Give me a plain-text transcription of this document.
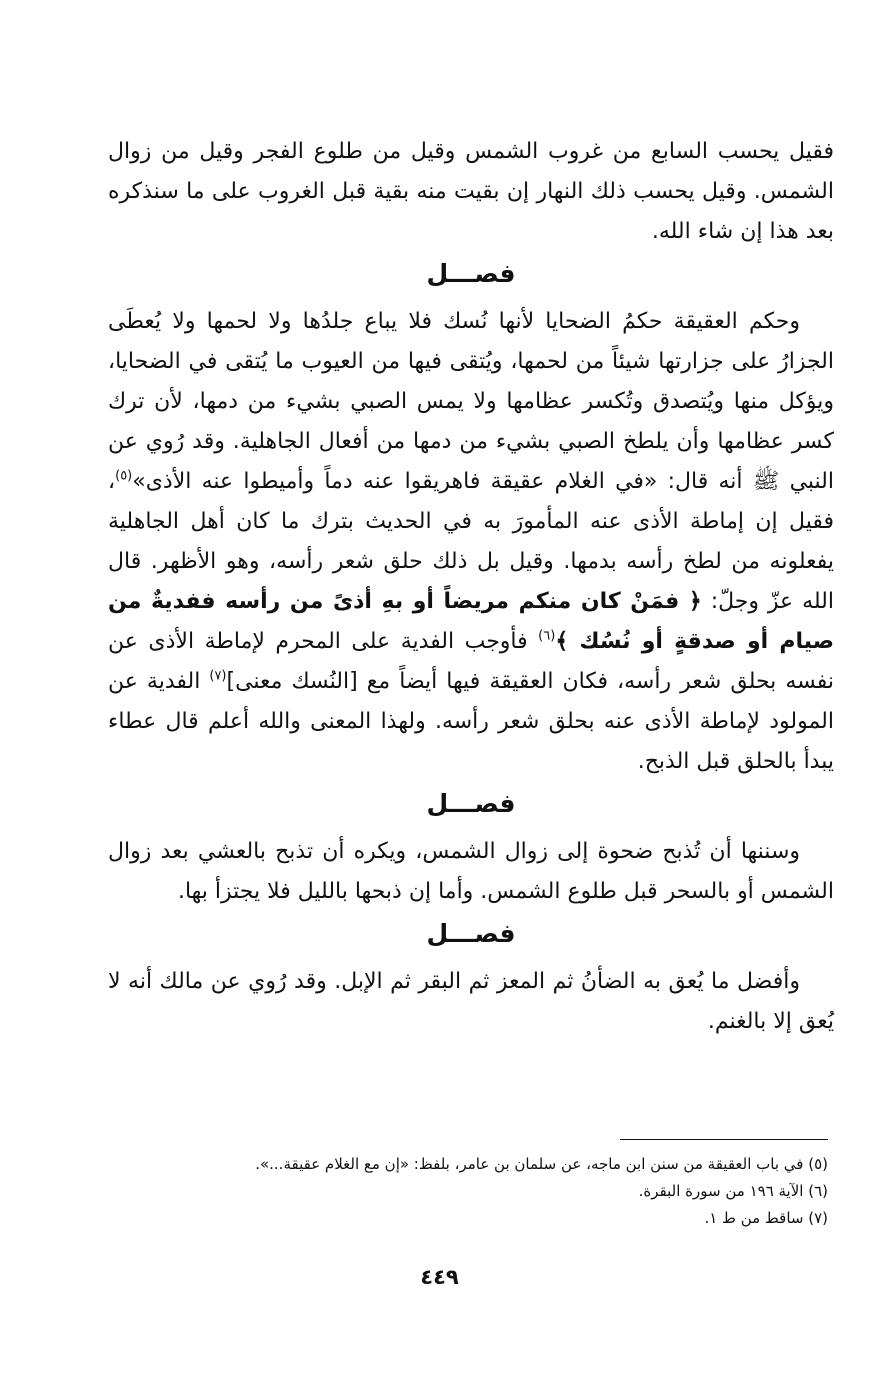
فقيل يحسب السابع من غروب الشمس وقيل من طلوع الفجر وقيل من زوال الشمس. وقيل يحسب ذلك النهار إن بقيت منه بقية قبل الغروب على ما سنذكره بعد هذا إن شاء الله.

فصـــل

وحكم العقيقة حكمُ الضحايا لأنها نُسك فلا يباع جلدُها ولا لحمها ولا يُعطَى الجزارُ على جزارتها شيئاً من لحمها، ويُتقى فيها من العيوب ما يُتقى في الضحايا، ويؤكل منها ويُتصدق وتُكسر عظامها ولا يمس الصبي بشيء من دمها، لأن ترك كسر عظامها وأن يلطخ الصبي بشيء من دمها من أفعال الجاهلية. وقد رُوي عن النبي ﷺ أنه قال: «في الغلام عقيقة فاهريقوا عنه دماً وأميطوا عنه الأذى»$^{(٥)}$، فقيل إن إماطة الأذى عنه المأمورَ به في الحديث بترك ما كان أهل الجاهلية يفعلونه من لطخ رأسه بدمها. وقيل بل ذلك حلق شعر رأسه، وهو الأظهر. قال الله عزّ وجلّ: ﴿ فمَنْ كان منكم مريضاً أو بهِ أذىً من رأسه ففديةٌ من صيام أو صدقةٍ أو نُسُك ﴾$^{(٦)}$ فأوجب الفدية على المحرم لإماطة الأذى عن نفسه بحلق شعر رأسه، فكان العقيقة فيها أيضاً مع [النُسك معنى]$^{(٧)}$ الفدية عن المولود لإماطة الأذى عنه بحلق شعر رأسه. ولهذا المعنى والله أعلم قال عطاء يبدأ بالحلق قبل الذبح.

فصـــل

وسننها أن تُذبح ضحوة إلى زوال الشمس، ويكره أن تذبح بالعشي بعد زوال الشمس أو بالسحر قبل طلوع الشمس. وأما إن ذبحها بالليل فلا يجتزأ بها.

فصـــل

وأفضل ما يُعق به الضأنُ ثم المعز ثم البقر ثم الإبل. وقد رُوي عن مالك أنه لا يُعق إلا بالغنم.

(٥) في باب العقيقة من سنن ابن ماجه، عن سلمان بن عامر، بلفظ: «إن مع الغلام عقيقة...».

(٦) الآية ١٩٦ من سورة البقرة.

(٧) ساقط من ط ١.

٤٤٩
